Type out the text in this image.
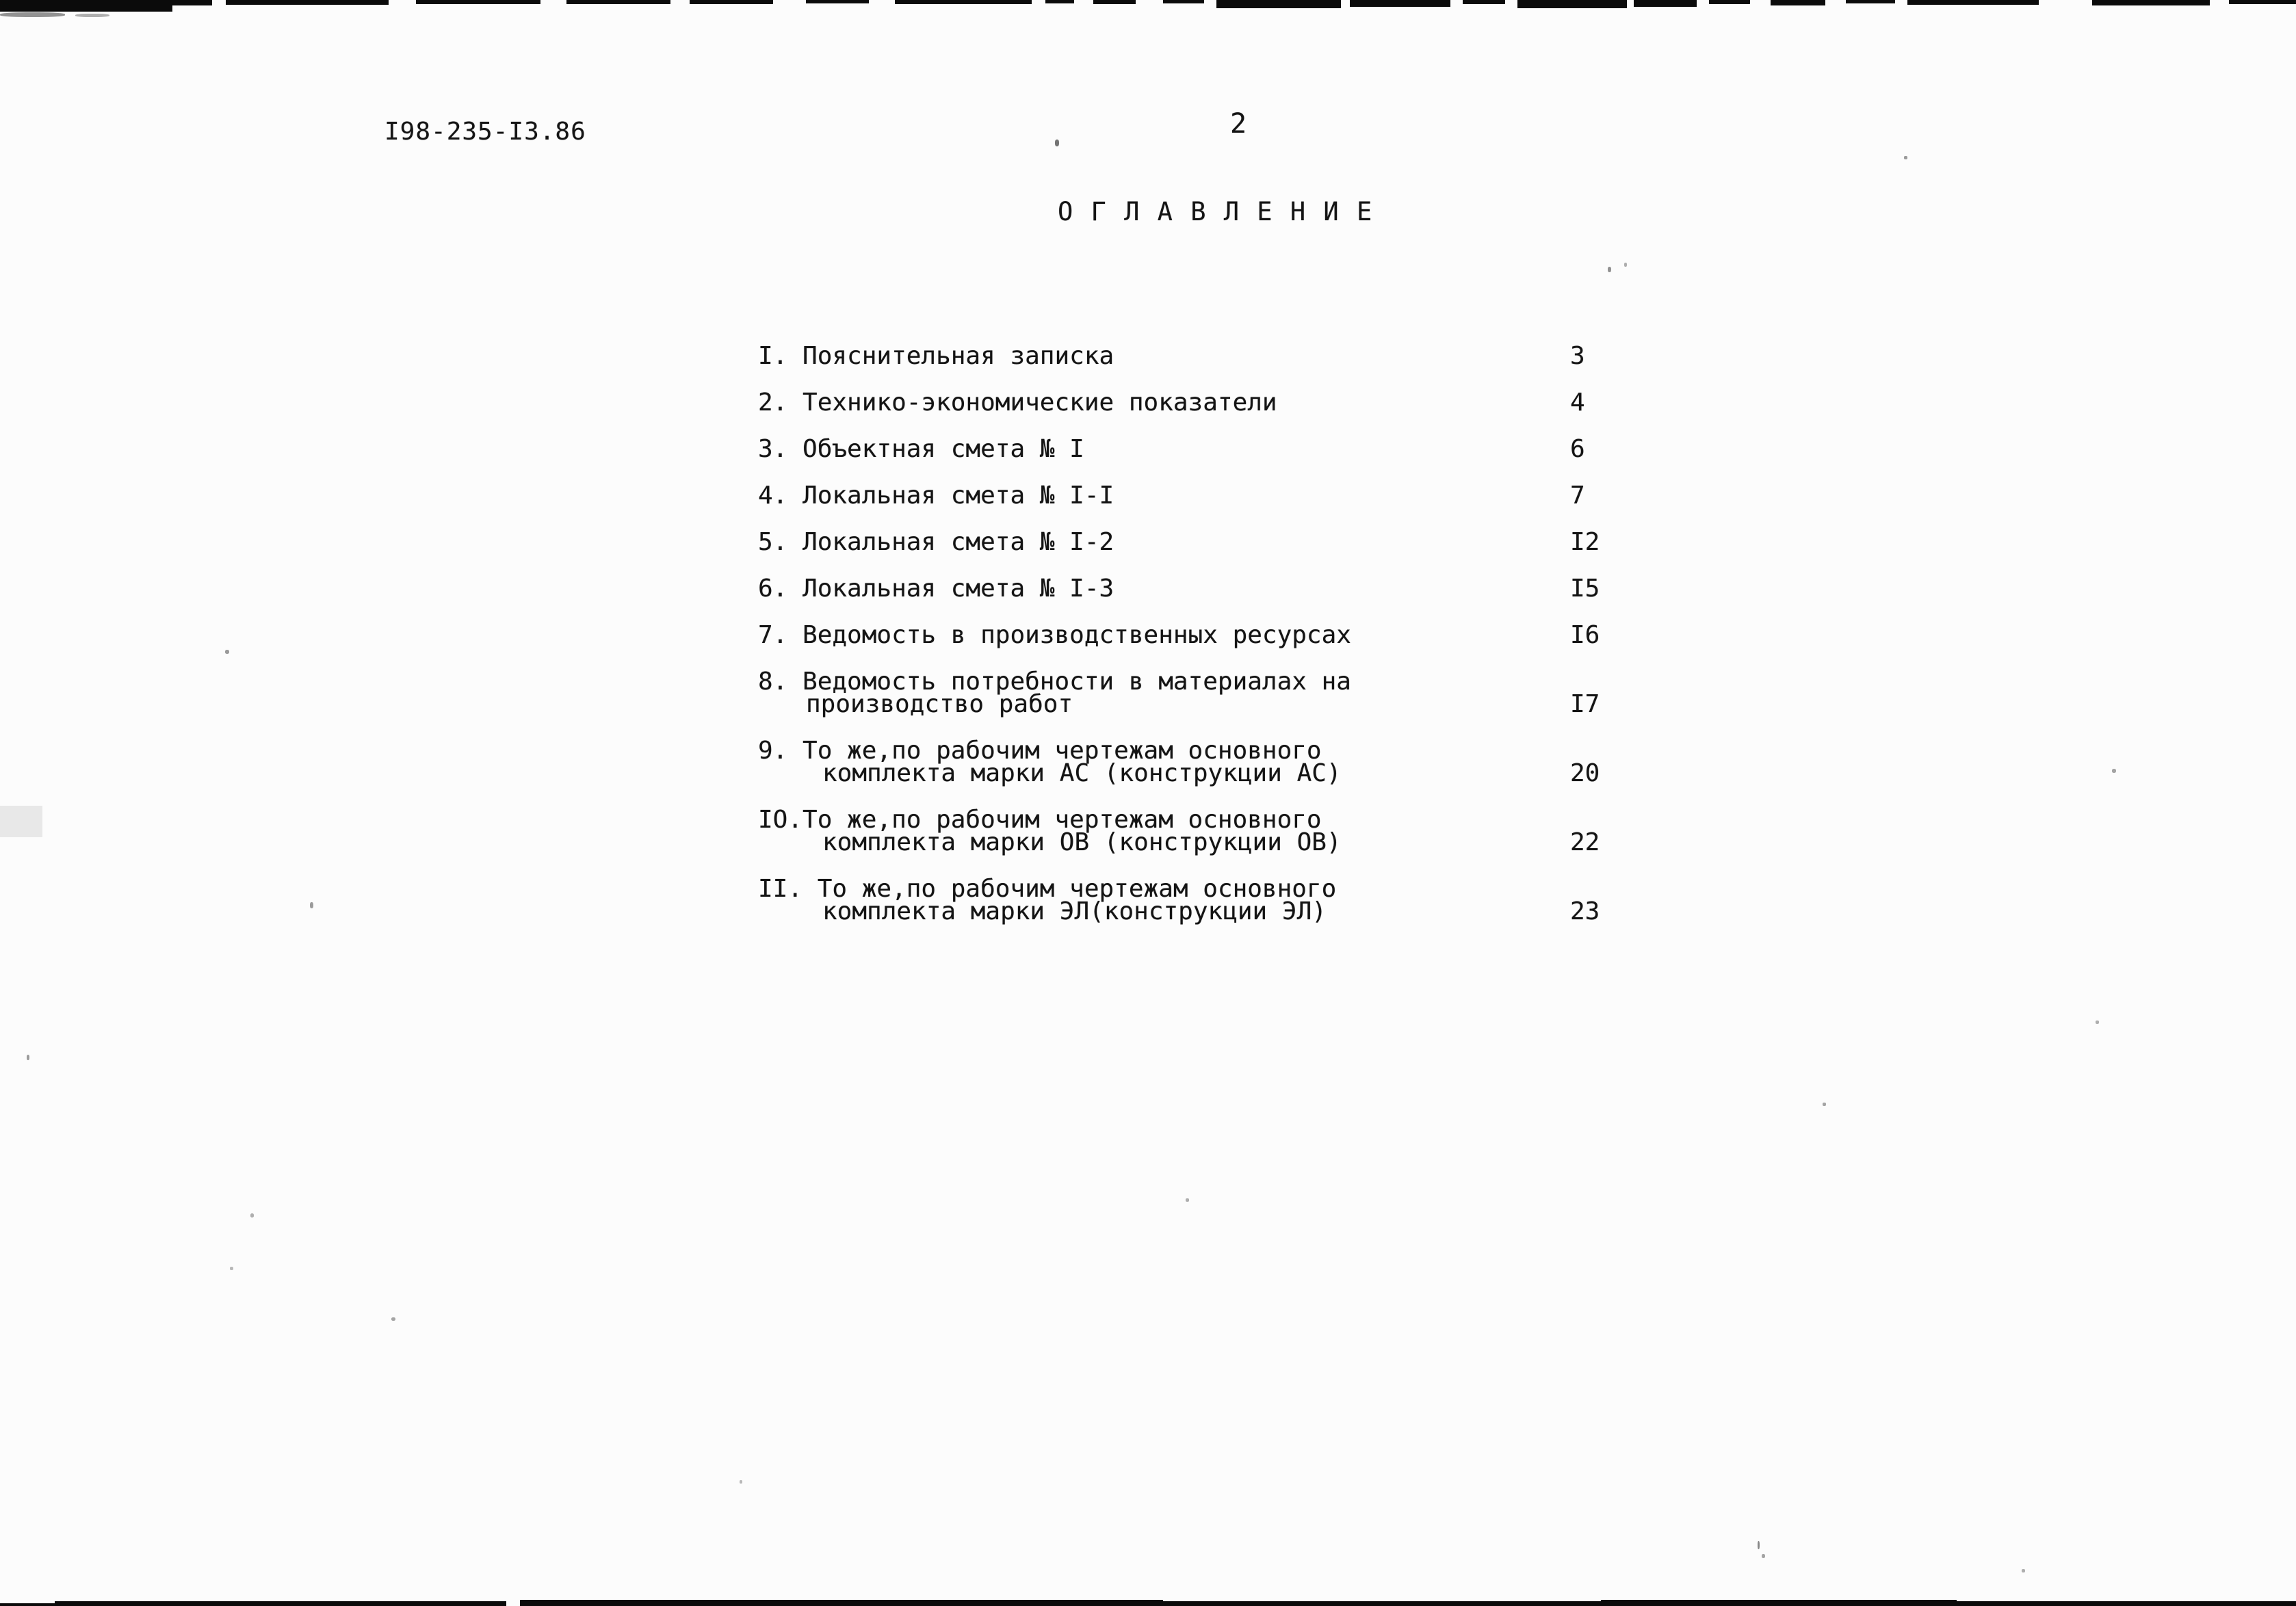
I98-235-I3.86	2
О Г Л А В Л Е Н И Е
I. Пояснительная записка	3
2. Технико-экономические показатели	4
3. Объектная смета № I	6
4. Локальная смета № I-I	7
5. Локальная смета № I-2	I2
6. Локальная смета № I-3	I5
7. Ведомость в производственных ресурсах	I6
8. Ведомость потребности в материалах на
производство работ	I7
9. То же,по рабочим чертежам основного
комплекта марки АС (конструкции АС)	20
IO.То же,по рабочим чертежам основного
комплекта марки ОВ (конструкции ОВ)	22
II. То же,по рабочим чертежам основного
комплекта марки ЭЛ(конструкции ЭЛ)	23
